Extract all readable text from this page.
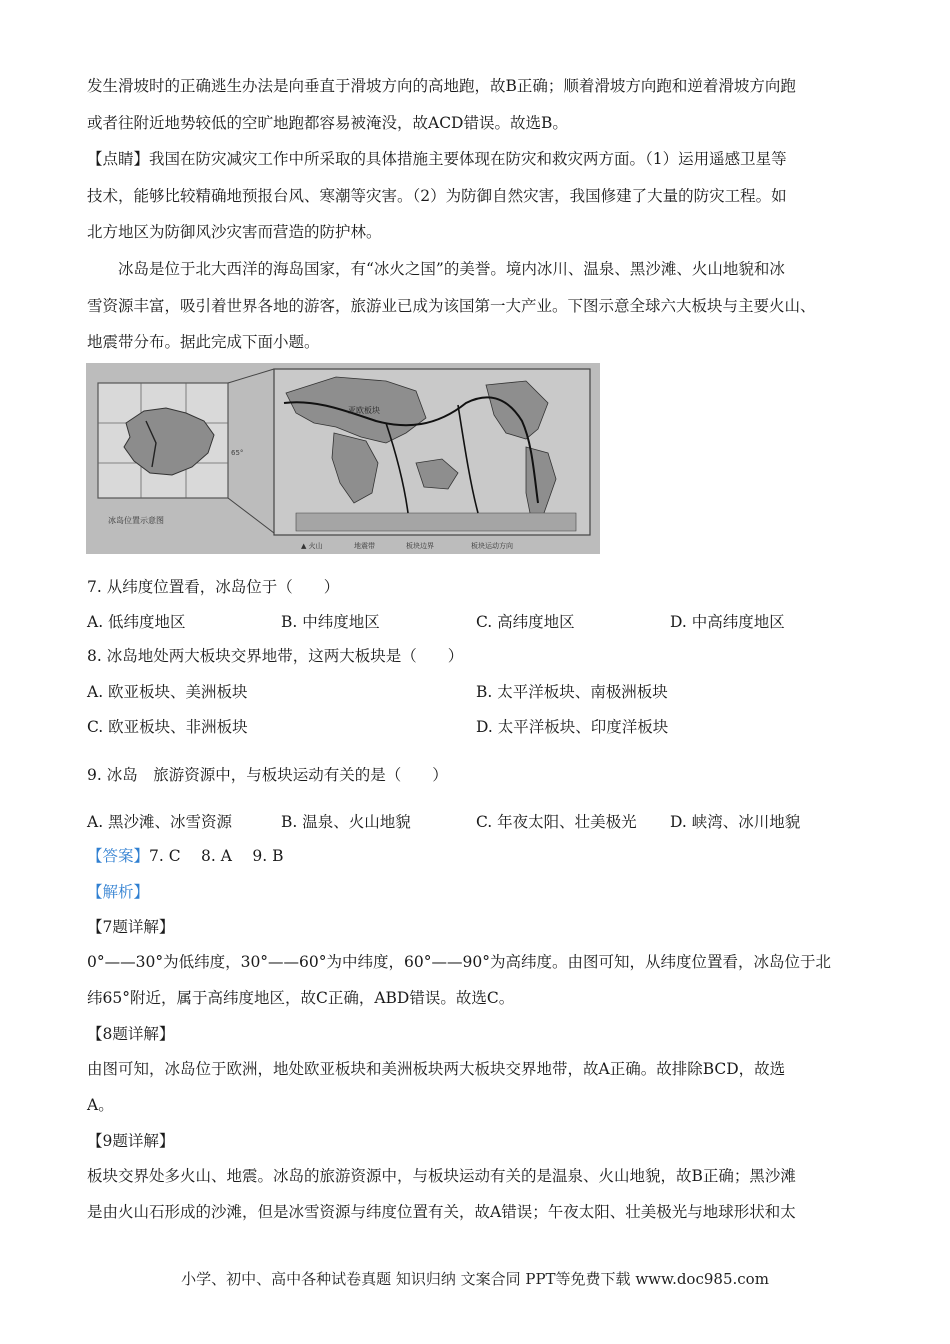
发生滑坡时的正确逃生办法是向垂直于滑坡方向的高地跑，故B正确；顺着滑坡方向跑和逆着滑坡方向跑
或者往附近地势较低的空旷地跑都容易被淹没，故ACD错误。故选B。
【点睛】我国在防灾减灾工作中所采取的具体措施主要体现在防灾和救灾两方面。（1）运用遥感卫星等
技术，能够比较精确地预报台风、寒潮等灾害。（2）为防御自然灾害，我国修建了大量的防灾工程。如
北方地区为防御风沙灾害而营造的防护林。
冰岛是位于北大西洋的海岛国家，有“冰火之国”的美誉。境内冰川、温泉、黑沙滩、火山地貌和冰
雪资源丰富，吸引着世界各地的游客，旅游业已成为该国第一大产业。下图示意全球六大板块与主要火山、
地震带分布。据此完成下面小题。
65°
冰岛位置示意图
亚欧板块
▲ 火山	地震带	板块边界	板块运动方向
7. 从纬度位置看，冰岛位于（　　）
A. 低纬度地区	B. 中纬度地区	C. 高纬度地区	D. 中高纬度地区
8. 冰岛地处两大板块交界地带，这两大板块是（　　）
A. 欧亚板块、美洲板块	B. 太平洋板块、南极洲板块
C. 欧亚板块、非洲板块	D. 太平洋板块、印度洋板块
9. 冰岛　旅游资源中，与板块运动有关的是（　　）
A. 黑沙滩、冰雪资源	B. 温泉、火山地貌	C. 年夜太阳、壮美极光 D. 峡湾、冰川地貌
【答案】7. C　 8. A　 9. B
【解析】
【7题详解】
0°——30°为低纬度，30°——60°为中纬度，60°——90°为高纬度。由图可知，从纬度位置看，冰岛位于北
纬65°附近，属于高纬度地区，故C正确，ABD错误。故选C。
【8题详解】
由图可知，冰岛位于欧洲，地处欧亚板块和美洲板块两大板块交界地带，故A正确。故排除BCD，故选
A。
【9题详解】
板块交界处多火山、地震。冰岛的旅游资源中，与板块运动有关的是温泉、火山地貌，故B正确；黑沙滩
是由火山石形成的沙滩，但是冰雪资源与纬度位置有关，故A错误；午夜太阳、壮美极光与地球形状和太
小学、初中、高中各种试卷真题 知识归纳 文案合同 PPT等免费下载 www.doc985.com
